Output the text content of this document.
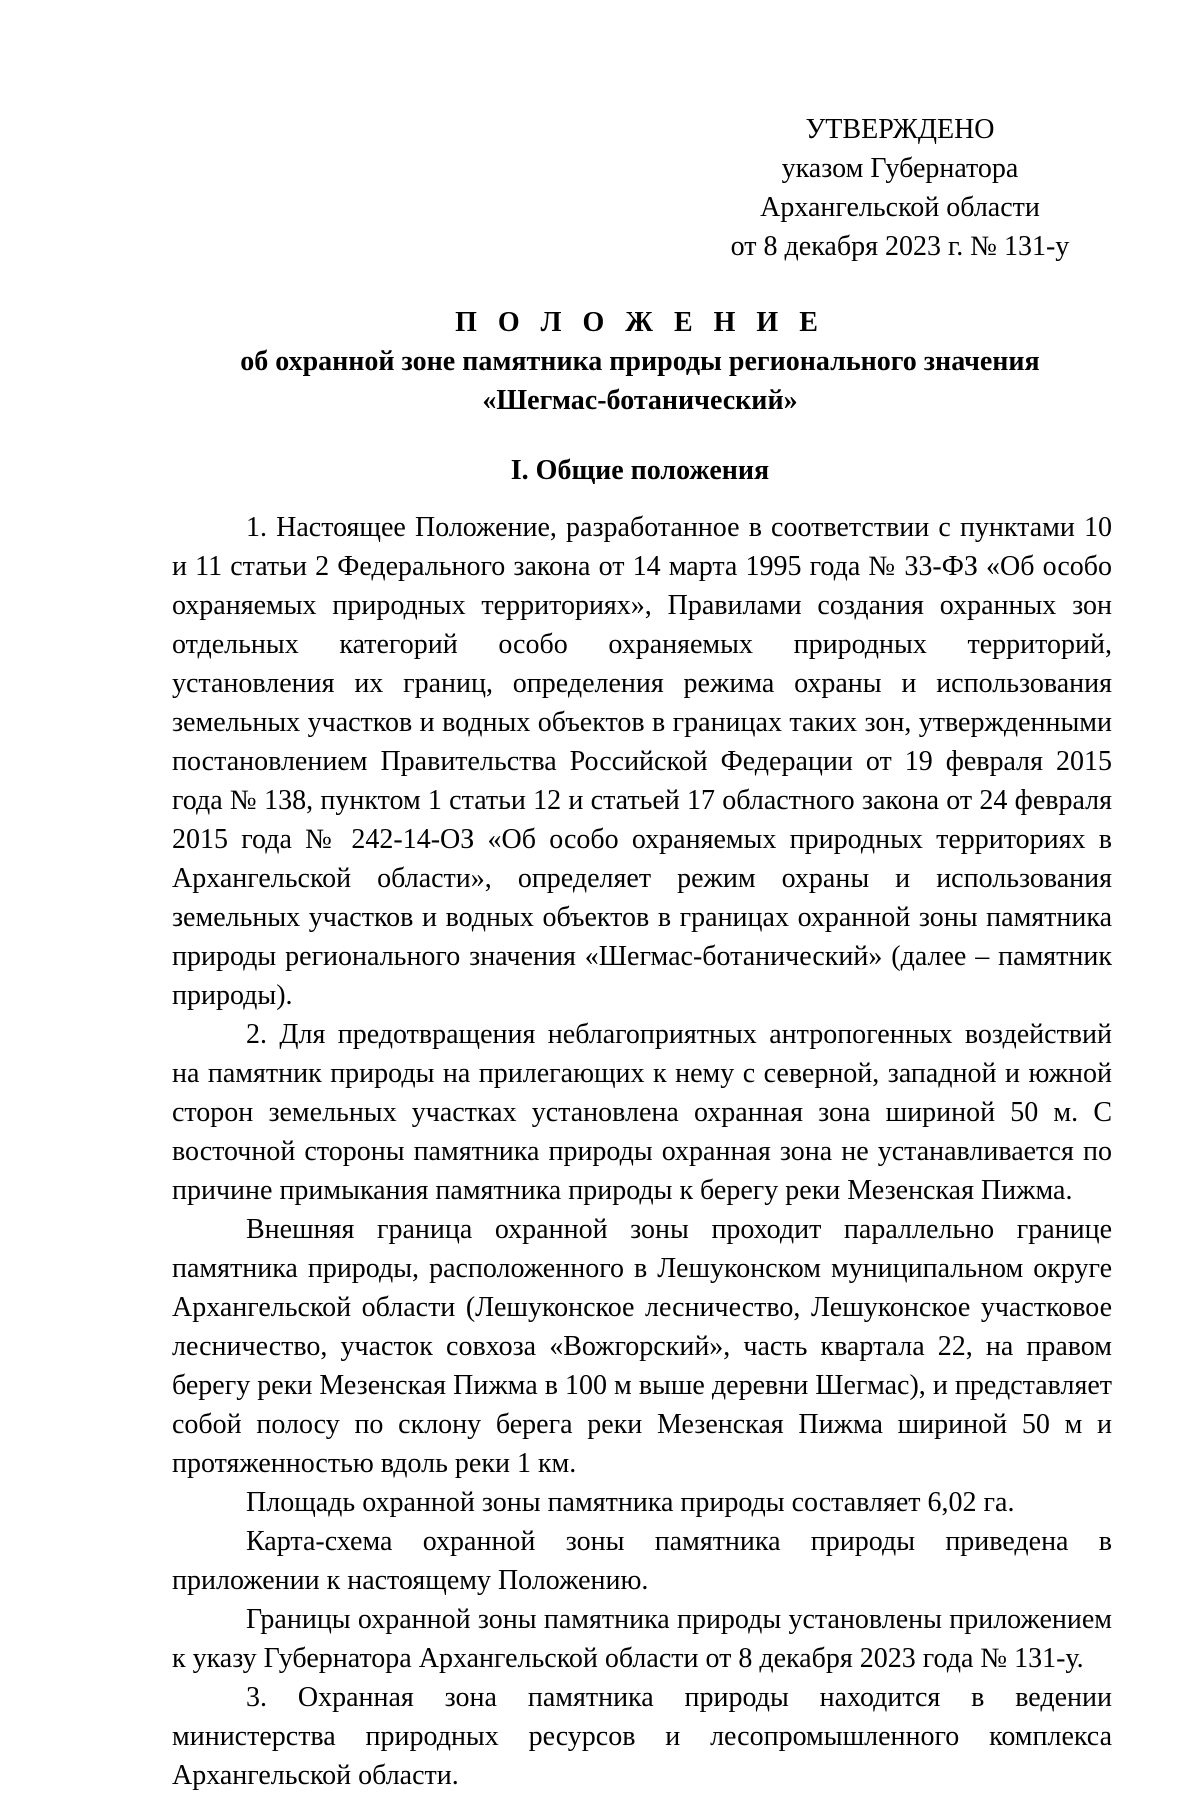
УТВЕРЖДЕНО
указом Губернатора
Архангельской области
от 8 декабря 2023 г. № 131-у
П О Л О Ж Е Н И Е
об охранной зоне памятника природы регионального значения
«Шегмас-ботанический»
I. Общие положения

1. Настоящее Положение, разработанное в соответствии с пунктами 10 и 11 статьи 2 Федерального закона от 14 марта 1995 года № 33-ФЗ «Об особо охраняемых природных территориях», Правилами создания охранных зон отдельных категорий особо охраняемых природных территорий, установления их границ, определения режима охраны и использования земельных участков и водных объектов в границах таких зон, утвержденными постановлением Правительства Российской Федерации от 19 февраля 2015 года № 138, пунктом 1 статьи 12 и статьей 17 областного закона от 24 февраля 2015 года № 242-14-ОЗ «Об особо охраняемых природных территориях в Архангельской области», определяет режим охраны и использования земельных участков и водных объектов в границах охранной зоны памятника природы регионального значения «Шегмас-ботанический» (далее – памятник природы).

2. Для предотвращения неблагоприятных антропогенных воздействий на памятник природы на прилегающих к нему с северной, западной и южной сторон земельных участках установлена охранная зона шириной 50 м. С восточной стороны памятника природы охранная зона не устанавливается по причине примыкания памятника природы к берегу реки Мезенская Пижма.

Внешняя граница охранной зоны проходит параллельно границе памятника природы, расположенного в Лешуконском муниципальном округе Архангельской области (Лешуконское лесничество, Лешуконское участковое лесничество, участок совхоза «Вожгорский», часть квартала 22, на правом берегу реки Мезенская Пижма в 100 м выше деревни Шегмас), и представляет собой полосу по склону берега реки Мезенская Пижма шириной 50 м и протяженностью вдоль реки 1 км.

Площадь охранной зоны памятника природы составляет 6,02 га.

Карта-схема охранной зоны памятника природы приведена в приложении к настоящему Положению.

Границы охранной зоны памятника природы установлены приложением к указу Губернатора Архангельской области от 8 декабря 2023 года № 131-у.

3. Охранная зона памятника природы находится в ведении министерства природных ресурсов и лесопромышленного комплекса Архангельской области.
